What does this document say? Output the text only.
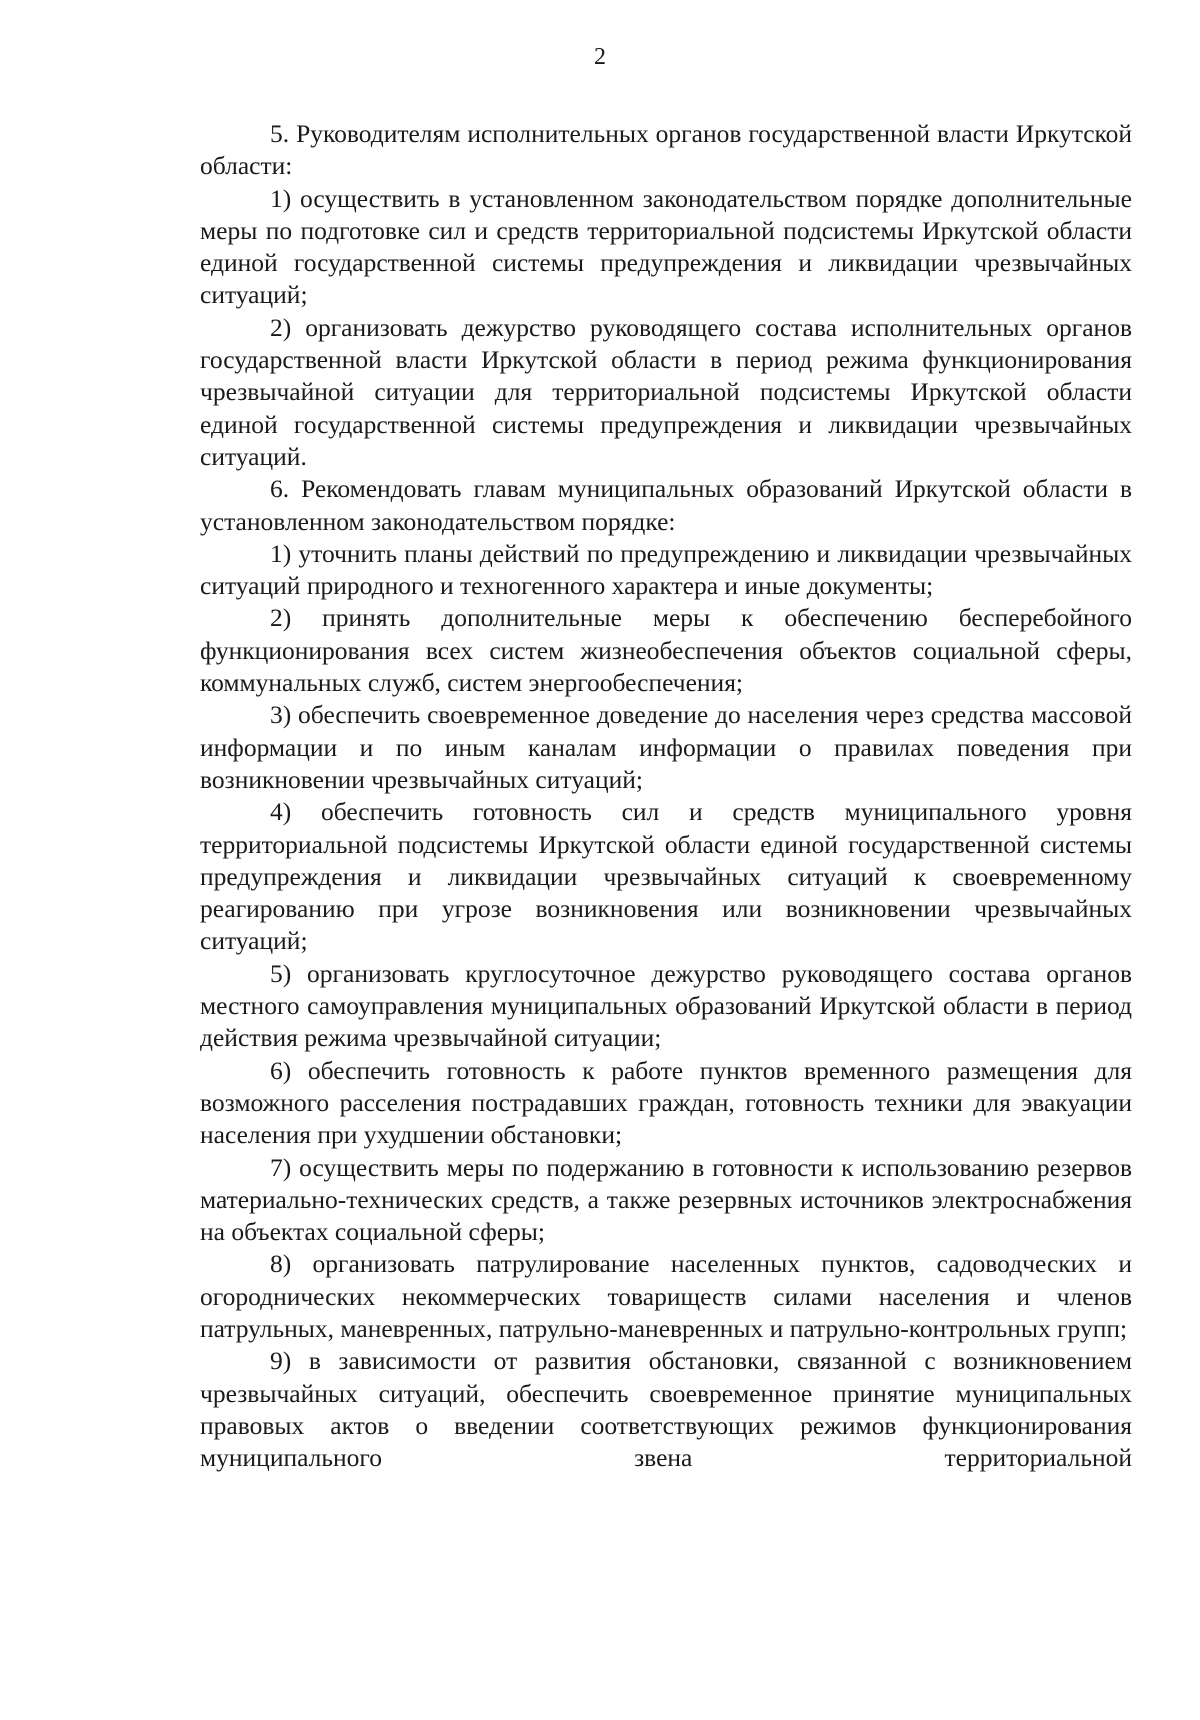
2

5. Руководителям исполнительных органов государственной власти Иркутской области:

1) осуществить в установленном законодательством порядке дополнительные меры по подготовке сил и средств территориальной подсистемы Иркутской области единой государственной системы предупреждения и ликвидации чрезвычайных ситуаций;

2) организовать дежурство руководящего состава исполнительных органов государственной власти Иркутской области в период режима функционирования чрезвычайной ситуации для территориальной подсистемы Иркутской области единой государственной системы предупреждения и ликвидации чрезвычайных ситуаций.

6. Рекомендовать главам муниципальных образований Иркутской области в установленном законодательством порядке:

1) уточнить планы действий по предупреждению и ликвидации чрезвычайных ситуаций природного и техногенного характера и иные документы;

2) принять дополнительные меры к обеспечению бесперебойного функционирования всех систем жизнеобеспечения объектов социальной сферы, коммунальных служб, систем энергообеспечения;

3) обеспечить своевременное доведение до населения через средства массовой информации и по иным каналам информации о правилах поведения при возникновении чрезвычайных ситуаций;

4) обеспечить готовность сил и средств муниципального уровня территориальной подсистемы Иркутской области единой государственной системы предупреждения и ликвидации чрезвычайных ситуаций к своевременному реагированию при угрозе возникновения или возникновении чрезвычайных ситуаций;

5) организовать круглосуточное дежурство руководящего состава органов местного самоуправления муниципальных образований Иркутской области в период действия режима чрезвычайной ситуации;

6) обеспечить готовность к работе пунктов временного размещения для возможного расселения пострадавших граждан, готовность техники для эвакуации населения при ухудшении обстановки;

7) осуществить меры по подержанию в готовности к использованию резервов материально-технических средств, а также резервных источников электроснабжения на объектах социальной сферы;

8) организовать патрулирование населенных пунктов, садоводческих и огороднических некоммерческих товариществ силами населения и членов патрульных, маневренных, патрульно-маневренных и патрульно-контрольных групп;

9) в зависимости от развития обстановки, связанной с возникновением чрезвычайных ситуаций, обеспечить своевременное принятие муниципальных правовых актов о введении соответствующих режимов функционирования муниципального звена территориальной
